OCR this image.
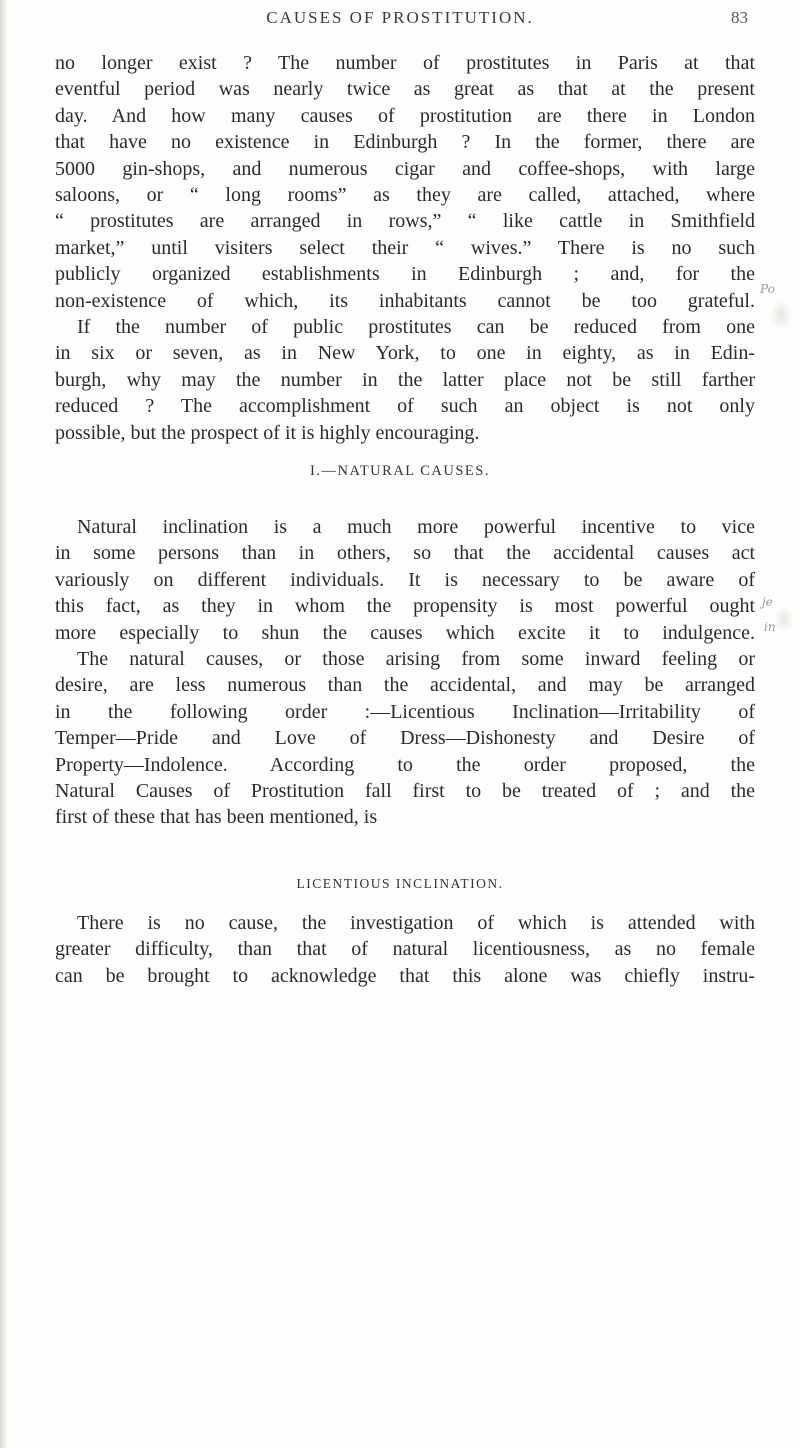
CAUSES OF PROSTITUTION.	83
no longer exist ? The number of prostitutes in Paris at that
eventful period was nearly twice as great as that at the present
day. And how many causes of prostitution are there in London
that have no existence in Edinburgh ? In the former, there are
5000 gin-shops, and numerous cigar and coffee-shops, with large
saloons, or “ long rooms” as they are called, attached, where
“ prostitutes are arranged in rows,” “ like cattle in Smithfield
market,” until visiters select their “ wives.” There is no such
publicly organized establishments in Edinburgh ; and, for the
non-existence of which, its inhabitants cannot be too grateful.
If the number of public prostitutes can be reduced from one
in six or seven, as in New York, to one in eighty, as in Edin-
burgh, why may the number in the latter place not be still farther
reduced ? The accomplishment of such an object is not only
possible, but the prospect of it is highly encouraging.
I.—NATURAL CAUSES.
Natural inclination is a much more powerful incentive to vice
in some persons than in others, so that the accidental causes act
variously on different individuals. It is necessary to be aware of
this fact, as they in whom the propensity is most powerful ought
more especially to shun the causes which excite it to indulgence.
The natural causes, or those arising from some inward feeling or
desire, are less numerous than the accidental, and may be arranged
in the following order :—Licentious Inclination—Irritability of
Temper—Pride and Love of Dress—Dishonesty and Desire of
Property—Indolence. According to the order proposed, the
Natural Causes of Prostitution fall first to be treated of ; and the
first of these that has been mentioned, is
LICENTIOUS INCLINATION.
There is no cause, the investigation of which is attended with
greater difficulty, than that of natural licentiousness, as no female
can be brought to acknowledge that this alone was chiefly instru-
Po
je
in
